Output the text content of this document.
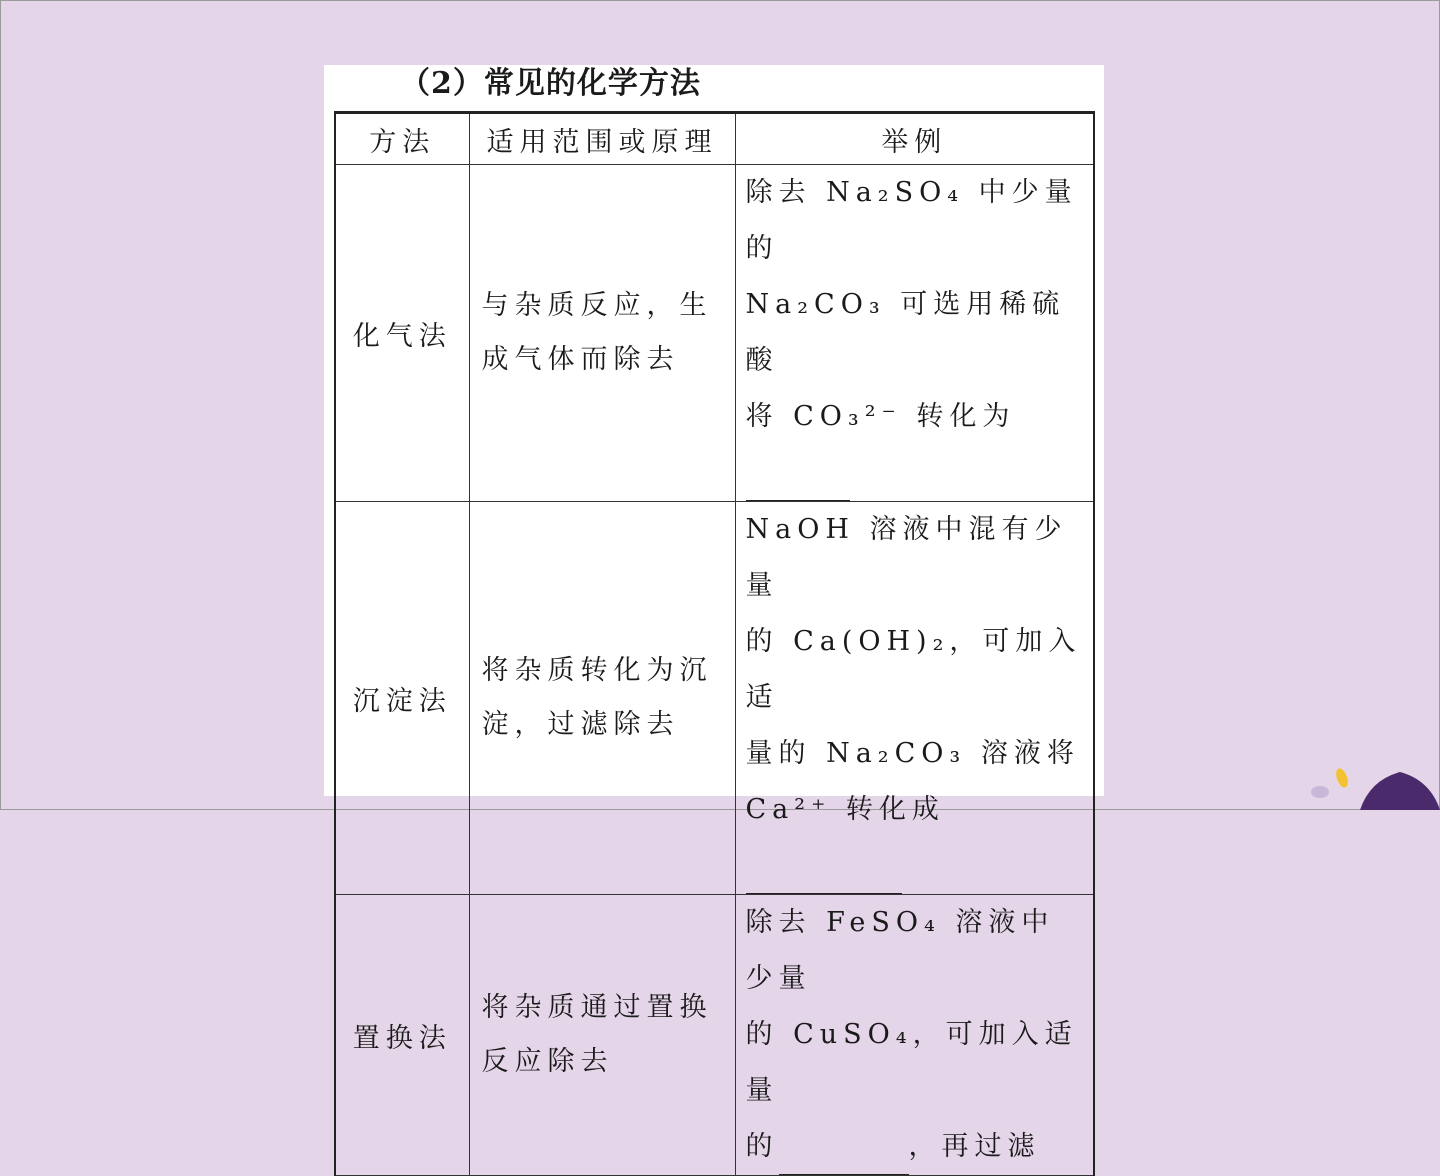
（2）常见的化学方法
方法	适用范围或原理	举例
化气法	与杂质反应，生成气体而除去	除去 Na₂SO₄ 中少量的
Na₂CO₃ 可选用稀硫酸
将 CO₃²⁻ 转化为

沉淀法	将杂质转化为沉淀，过滤除去	NaOH 溶液中混有少量
的 Ca(OH)₂，可加入适
量的 Na₂CO₃ 溶液将
Ca²⁺ 转化成

置换法	将杂质通过置换反应除去	除去 FeSO₄ 溶液中少量
的 CuSO₄，可加入适量
的 ，再过滤
